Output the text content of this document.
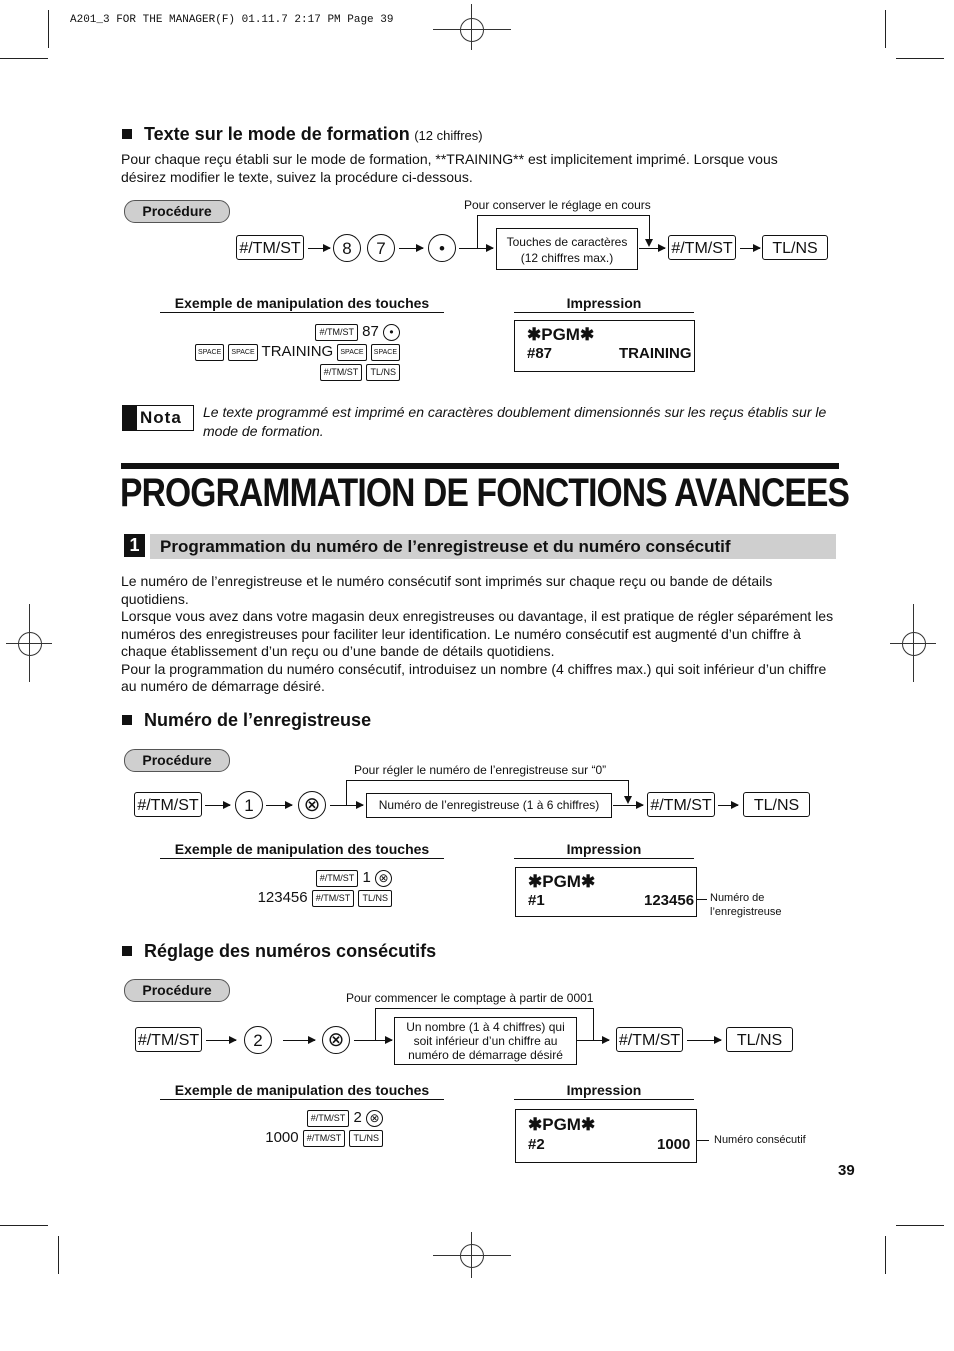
A201_3 FOR THE MANAGER(F) 01.11.7 2:17 PM Page 39
Texte sur le mode de formation (12 chiffres)
Pour chaque reçu établi sur le mode de formation, **TRAINING** est implicitement imprimé. Lorsque vous désirez modifier le texte, suivez la procédure ci-dessous.
Procédure	Pour conserver le réglage en cours
#/TM/ST	8	7	•	Touches de caractères
(12 chiffres max.)
#/TM/ST	TL/NS
Exemple de manipulation des touches	Impression
#/TM/ST 87 •
SPACE SPACE TRAINING SPACE SPACE
#/TM/ST TL/NS
✱PGM✱
#87	TRAINING
Nota Le texte programmé est imprimé en caractères doublement dimensionnés sur les reçus établis sur le mode de formation.
PROGRAMMATION DE FONCTIONS AVANCEES
1	Programmation du numéro de l’enregistreuse et du numéro consécutif
Le numéro de l’enregistreuse et le numéro consécutif sont imprimés sur chaque reçu ou bande de détails quotidiens.
Lorsque vous avez dans votre magasin deux enregistreuses ou davantage, il est pratique de régler séparément les numéros des enregistreuses pour faciliter leur identification. Le numéro consécutif est augmenté d’un chiffre à chaque établissement d’un reçu ou d’une bande de détails quotidiens.
Pour la programmation du numéro consécutif, introduisez un nombre (4 chiffres max.) qui soit inférieur d’un chiffre au numéro de démarrage désiré.
Numéro de l’enregistreuse
Procédure
Pour régler le numéro de l’enregistreuse sur “0”
#/TM/ST	1	⊗	Numéro de l’enregistreuse (1 à 6 chiffres)	#/TM/ST	TL/NS
Exemple de manipulation des touches	Impression
#/TM/ST 1 ⊗
123456 #/TM/ST TL/NS
✱PGM✱
#1	123456 Numéro de
l’enregistreuse
Réglage des numéros consécutifs
Procédure	Pour commencer le comptage à partir de 0001
#/TM/ST	2	⊗
Un nombre (1 à 4 chiffres) qui
soit inférieur d’un chiffre au
numéro de démarrage désiré
#/TM/ST	TL/NS
Exemple de manipulation des touches	Impression
#/TM/ST 2 ⊗
1000 #/TM/ST TL/NS
✱PGM✱
#2	1000 Numéro consécutif
39
